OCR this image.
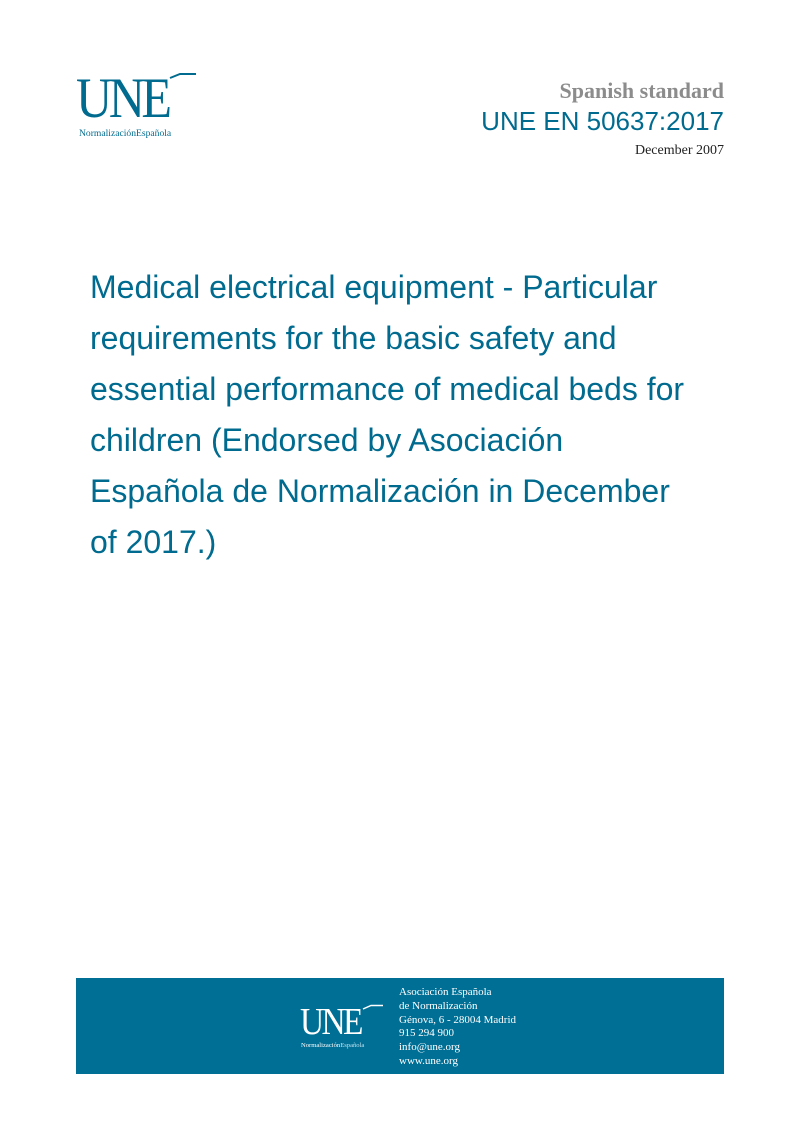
UNE
NormalizaciónEspañola
Spanish standard
UNE EN 50637:2017
December 2007
Medical electrical equipment - Particular requirements for the basic safety and essential performance of medical beds for children (Endorsed by Asociación Española de Normalización in December of 2017.)
UNE
NormalizaciónEspañola
Asociación Española
de Normalización
Génova, 6 - 28004 Madrid
915 294 900
info@une.org
www.une.org
